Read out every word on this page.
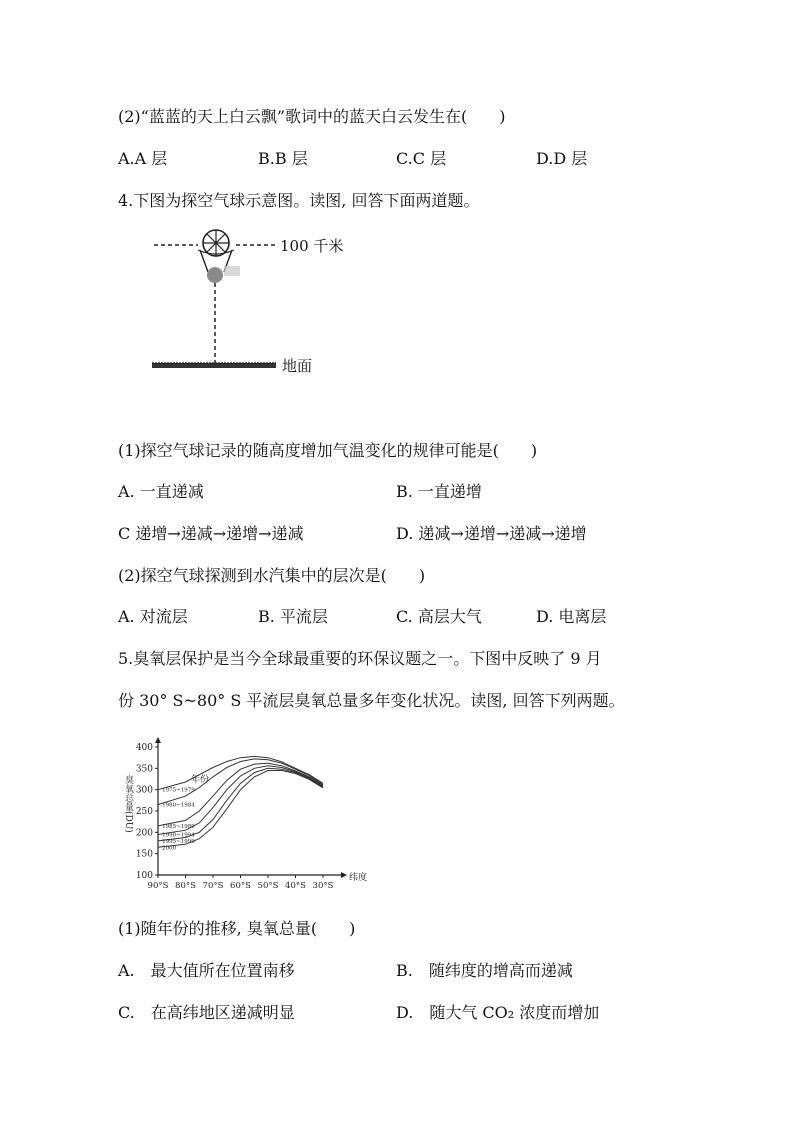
(2)“蓝蓝的天上白云飘”歌词中的蓝天白云发生在(　　)
A.A 层	B.B 层	C.C 层	D.D 层
4.下图为探空气球示意图。读图, 回答下面两道题。
100 千米
地面
(1)探空气球记录的随高度增加气温变化的规律可能是(　　)
A. 一直递减	B. 一直递增
C 递增→递减→递增→递减	D. 递减→递增→递减→递增
(2)探空气球探测到水汽集中的层次是(　　)
A. 对流层	B. 平流层	C. 高层大气	D. 电离层
5.臭氧层保护是当今全球最重要的环保议题之一。下图中反映了 9 月
份 30° S~80° S 平流层臭氧总量多年变化状况。读图, 回答下列两题。
100
150
200
250
300
350
400
90°S 80°S 70°S 60°S 50°S 40°S 30°S
纬度
臭氧总量(DU)	年份
1975~1979
1980~1984
1985~1989
1990~1994
1995~1999
2000
(1)随年份的推移, 臭氧总量(　　)
A.　最大值所在位置南移	B.　随纬度的增高而递减
C.　在高纬地区递减明显	D.　随大气 CO₂ 浓度而增加
